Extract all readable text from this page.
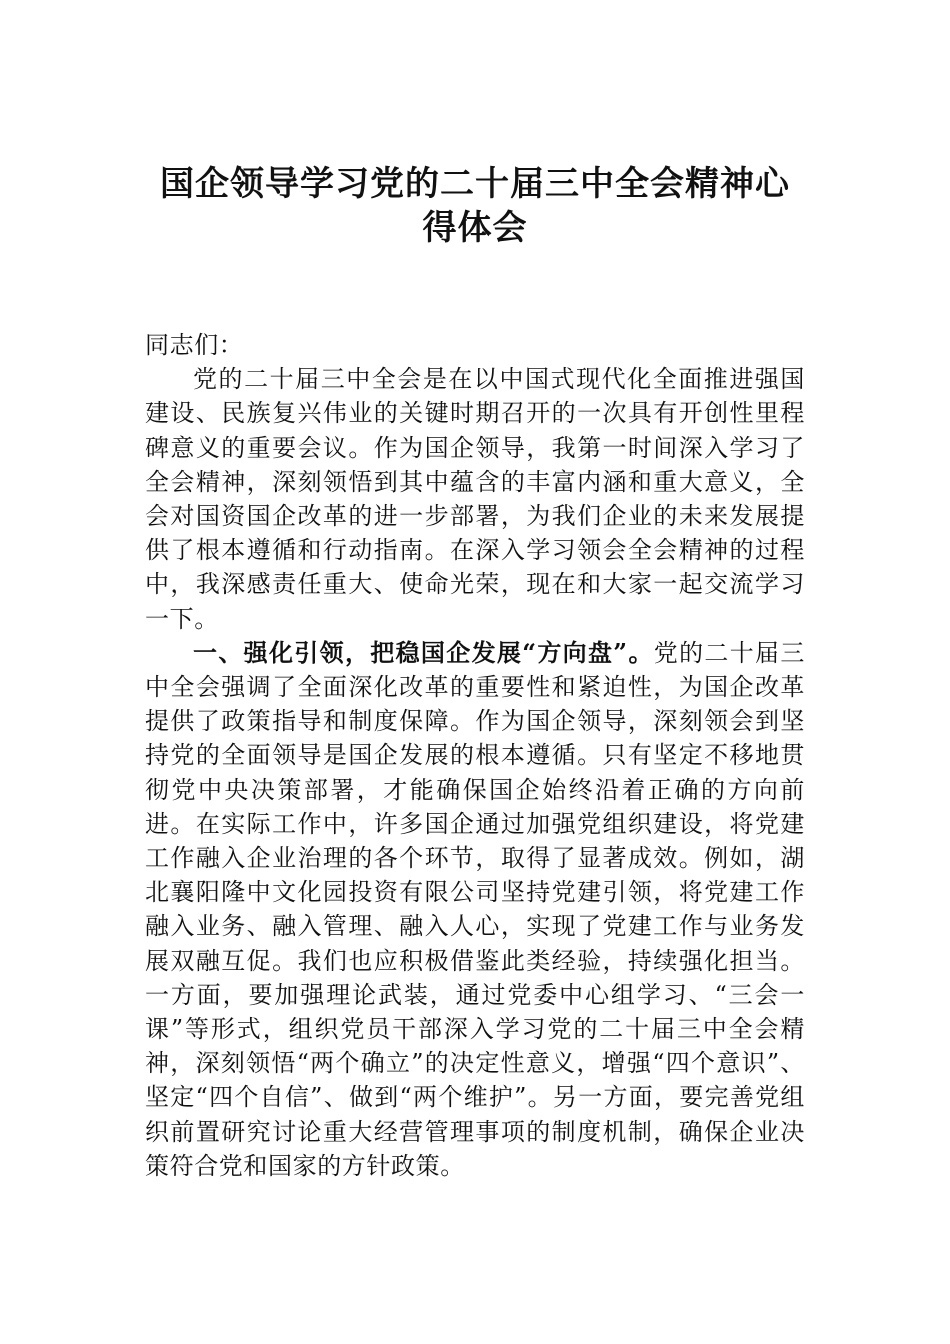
国企领导学习党的二十届三中全会精神心
得体会

同志们：

党的二十届三中全会是在以中国式现代化全面推进强国建设、民族复兴伟业的关键时期召开的一次具有开创性里程碑意义的重要会议。作为国企领导，我第一时间深入学习了全会精神，深刻领悟到其中蕴含的丰富内涵和重大意义，全会对国资国企改革的进一步部署，为我们企业的未来发展提供了根本遵循和行动指南。在深入学习领会全会精神的过程中，我深感责任重大、使命光荣，现在和大家一起交流学习一下。

一、强化引领，把稳国企发展“方向盘”。党的二十届三中全会强调了全面深化改革的重要性和紧迫性，为国企改革提供了政策指导和制度保障。作为国企领导，深刻领会到坚持党的全面领导是国企发展的根本遵循。只有坚定不移地贯彻党中央决策部署，才能确保国企始终沿着正确的方向前进。在实际工作中，许多国企通过加强党组织建设，将党建工作融入企业治理的各个环节，取得了显著成效。例如，湖北襄阳隆中文化园投资有限公司坚持党建引领，将党建工作融入业务、融入管理、融入人心，实现了党建工作与业务发展双融互促。我们也应积极借鉴此类经验，持续强化担当。一方面，要加强理论武装，通过党委中心组学习、“三会一课”等形式，组织党员干部深入学习党的二十届三中全会精神，深刻领悟“两个确立”的决定性意义，增强“四个意识”、坚定“四个自信”、做到“两个维护”。另一方面，要完善党组织前置研究讨论重大经营管理事项的制度机制，确保企业决策符合党和国家的方针政策。
